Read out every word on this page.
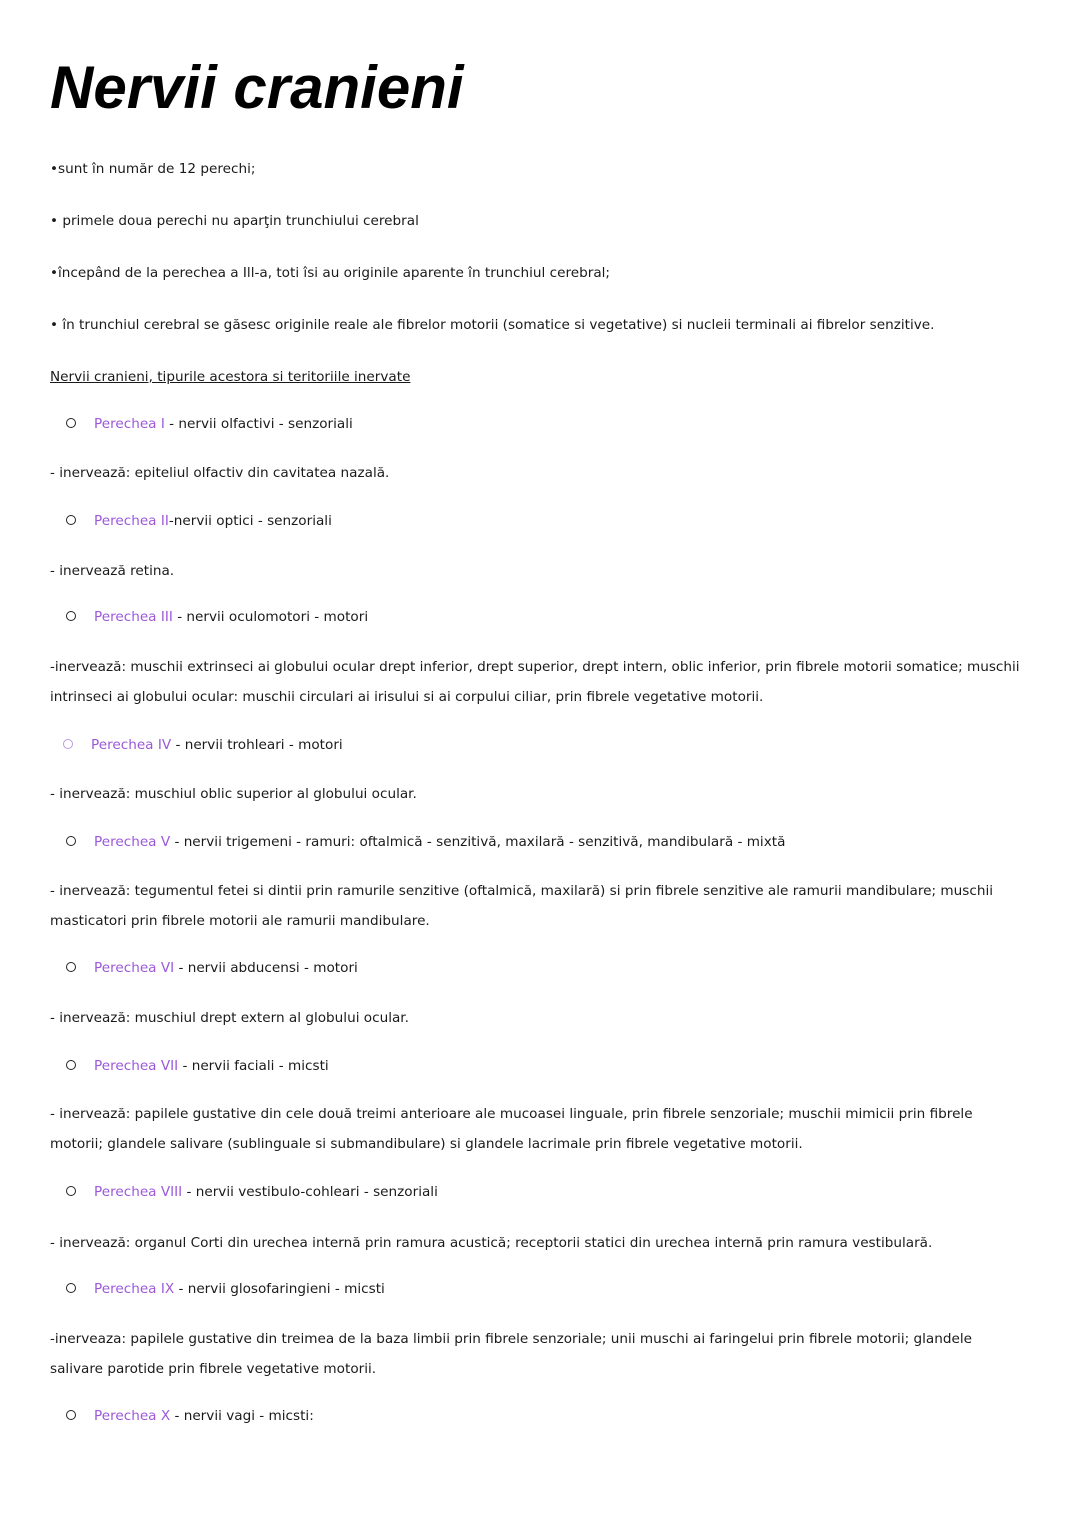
Nervii cranieni
•sunt în număr de 12 perechi;
• primele doua perechi nu aparţin trunchiului cerebral
•începând de la perechea a Ill-a, toti îsi au originile aparente în trunchiul cerebral;
• în trunchiul cerebral se găsesc originile reale ale fibrelor motorii (somatice si vegetative) si nucleii terminali ai fibrelor senzitive.
Nervii cranieni, tipurile acestora si teritoriile inervate
Perechea I - nervii olfactivi - senzoriali
- inervează: epiteliul olfactiv din cavitatea nazală.
Perechea II-nervii optici - senzoriali
- inervează retina.
Perechea III - nervii oculomotori - motori
-inervează: muschii extrinseci ai globului ocular drept inferior, drept superior, drept intern, oblic inferior, prin fibrele motorii somatice; muschii intrinseci ai globului ocular: muschii circulari ai irisului si ai corpului ciliar, prin fibrele vegetative motorii.
Perechea IV - nervii trohleari - motori
- inervează: muschiul oblic superior al globului ocular.
Perechea V - nervii trigemeni - ramuri: oftalmică - senzitivă, maxilară - senzitivă, mandibulară - mixtă
- inervează: tegumentul fetei si dintii prin ramurile senzitive (oftalmică, maxilară) si prin fibrele senzitive ale ramurii mandibulare; muschii masticatori prin fibrele motorii ale ramurii mandibulare.
Perechea VI - nervii abducensi - motori
- inervează: muschiul drept extern al globului ocular.
Perechea VII - nervii faciali - micsti
- inervează: papilele gustative din cele două treimi anterioare ale mucoasei linguale, prin fibrele senzoriale; muschii mimicii prin fibrele motorii; glandele salivare (sublinguale si submandibulare) si glandele lacrimale prin fibrele vegetative motorii.
Perechea VIII - nervii vestibulo-cohleari - senzoriali
- inervează: organul Corti din urechea internă prin ramura acustică; receptorii statici din urechea internă prin ramura vestibulară.
Perechea IX - nervii glosofaringieni - micsti
-inerveaza: papilele gustative din treimea de la baza limbii prin fibrele senzoriale; unii muschi ai faringelui prin fibrele motorii; glandele salivare parotide prin fibrele vegetative motorii.
Perechea X - nervii vagi - micsti:
